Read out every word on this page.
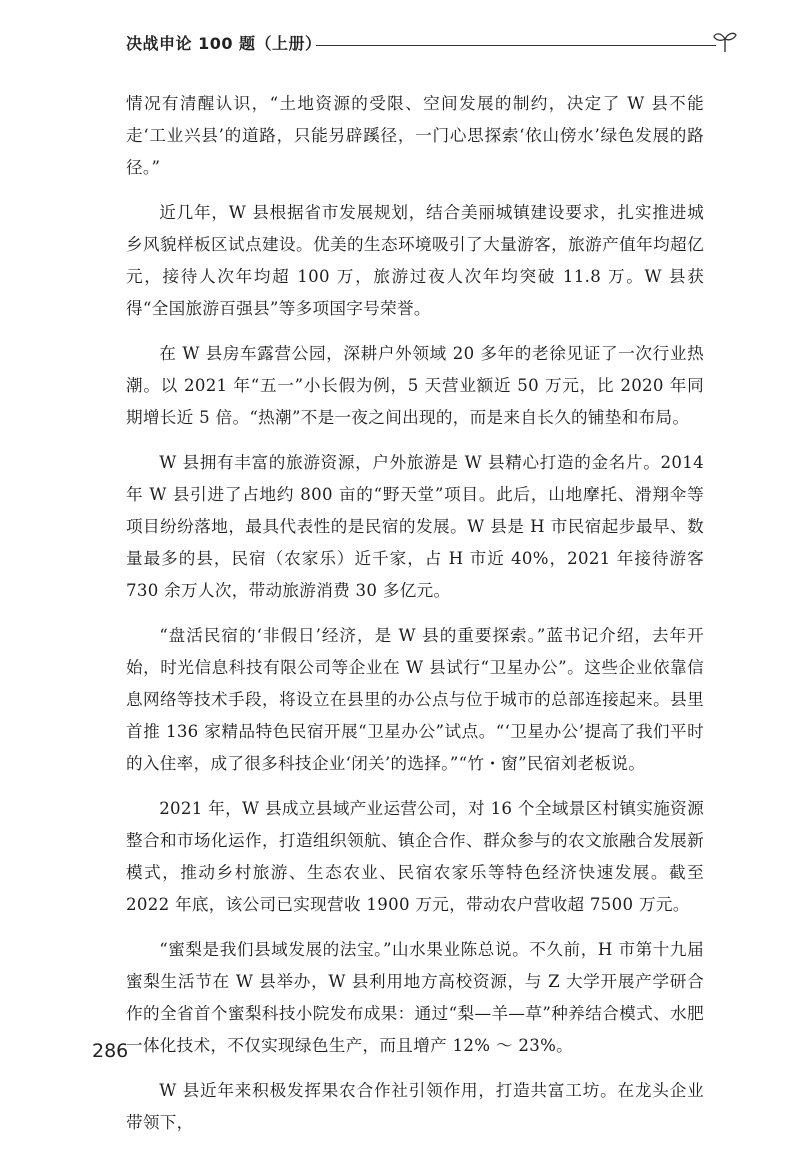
决战申论 100 题（上册）

情况有清醒认识，“土地资源的受限、空间发展的制约，决定了 W 县不能走‘工业兴县’的道路，只能另辟蹊径，一门心思探索‘依山傍水’绿色发展的路径。”

近几年，W 县根据省市发展规划，结合美丽城镇建设要求，扎实推进城乡风貌样板区试点建设。优美的生态环境吸引了大量游客，旅游产值年均超亿元，接待人次年均超 100 万，旅游过夜人次年均突破 11.8 万。W 县获得“全国旅游百强县”等多项国字号荣誉。

在 W 县房车露营公园，深耕户外领域 20 多年的老徐见证了一次行业热潮。以 2021 年“五一”小长假为例，5 天营业额近 50 万元，比 2020 年同期增长近 5 倍。“热潮”不是一夜之间出现的，而是来自长久的铺垫和布局。

W 县拥有丰富的旅游资源，户外旅游是 W 县精心打造的金名片。2014 年 W 县引进了占地约 800 亩的“野天堂”项目。此后，山地摩托、滑翔伞等项目纷纷落地，最具代表性的是民宿的发展。W 县是 H 市民宿起步最早、数量最多的县，民宿（农家乐）近千家，占 H 市近 40%，2021 年接待游客 730 余万人次，带动旅游消费 30 多亿元。

“盘活民宿的‘非假日’经济，是 W 县的重要探索。”蓝书记介绍，去年开始，时光信息科技有限公司等企业在 W 县试行“卫星办公”。这些企业依靠信息网络等技术手段，将设立在县里的办公点与位于城市的总部连接起来。县里首推 136 家精品特色民宿开展“卫星办公”试点。“‘卫星办公’提高了我们平时的入住率，成了很多科技企业‘闭关’的选择。”“竹・窗”民宿刘老板说。

2021 年，W 县成立县域产业运营公司，对 16 个全域景区村镇实施资源整合和市场化运作，打造组织领航、镇企合作、群众参与的农文旅融合发展新模式，推动乡村旅游、生态农业、民宿农家乐等特色经济快速发展。截至 2022 年底，该公司已实现营收 1900 万元，带动农户营收超 7500 万元。

“蜜梨是我们县域发展的法宝。”山水果业陈总说。不久前，H 市第十九届蜜梨生活节在 W 县举办，W 县利用地方高校资源，与 Z 大学开展产学研合作的全省首个蜜梨科技小院发布成果：通过“梨—羊—草”种养结合模式、水肥一体化技术，不仅实现绿色生产，而且增产 12% ～ 23%。

W 县近年来积极发挥果农合作社引领作用，打造共富工坊。在龙头企业带领下，

286
